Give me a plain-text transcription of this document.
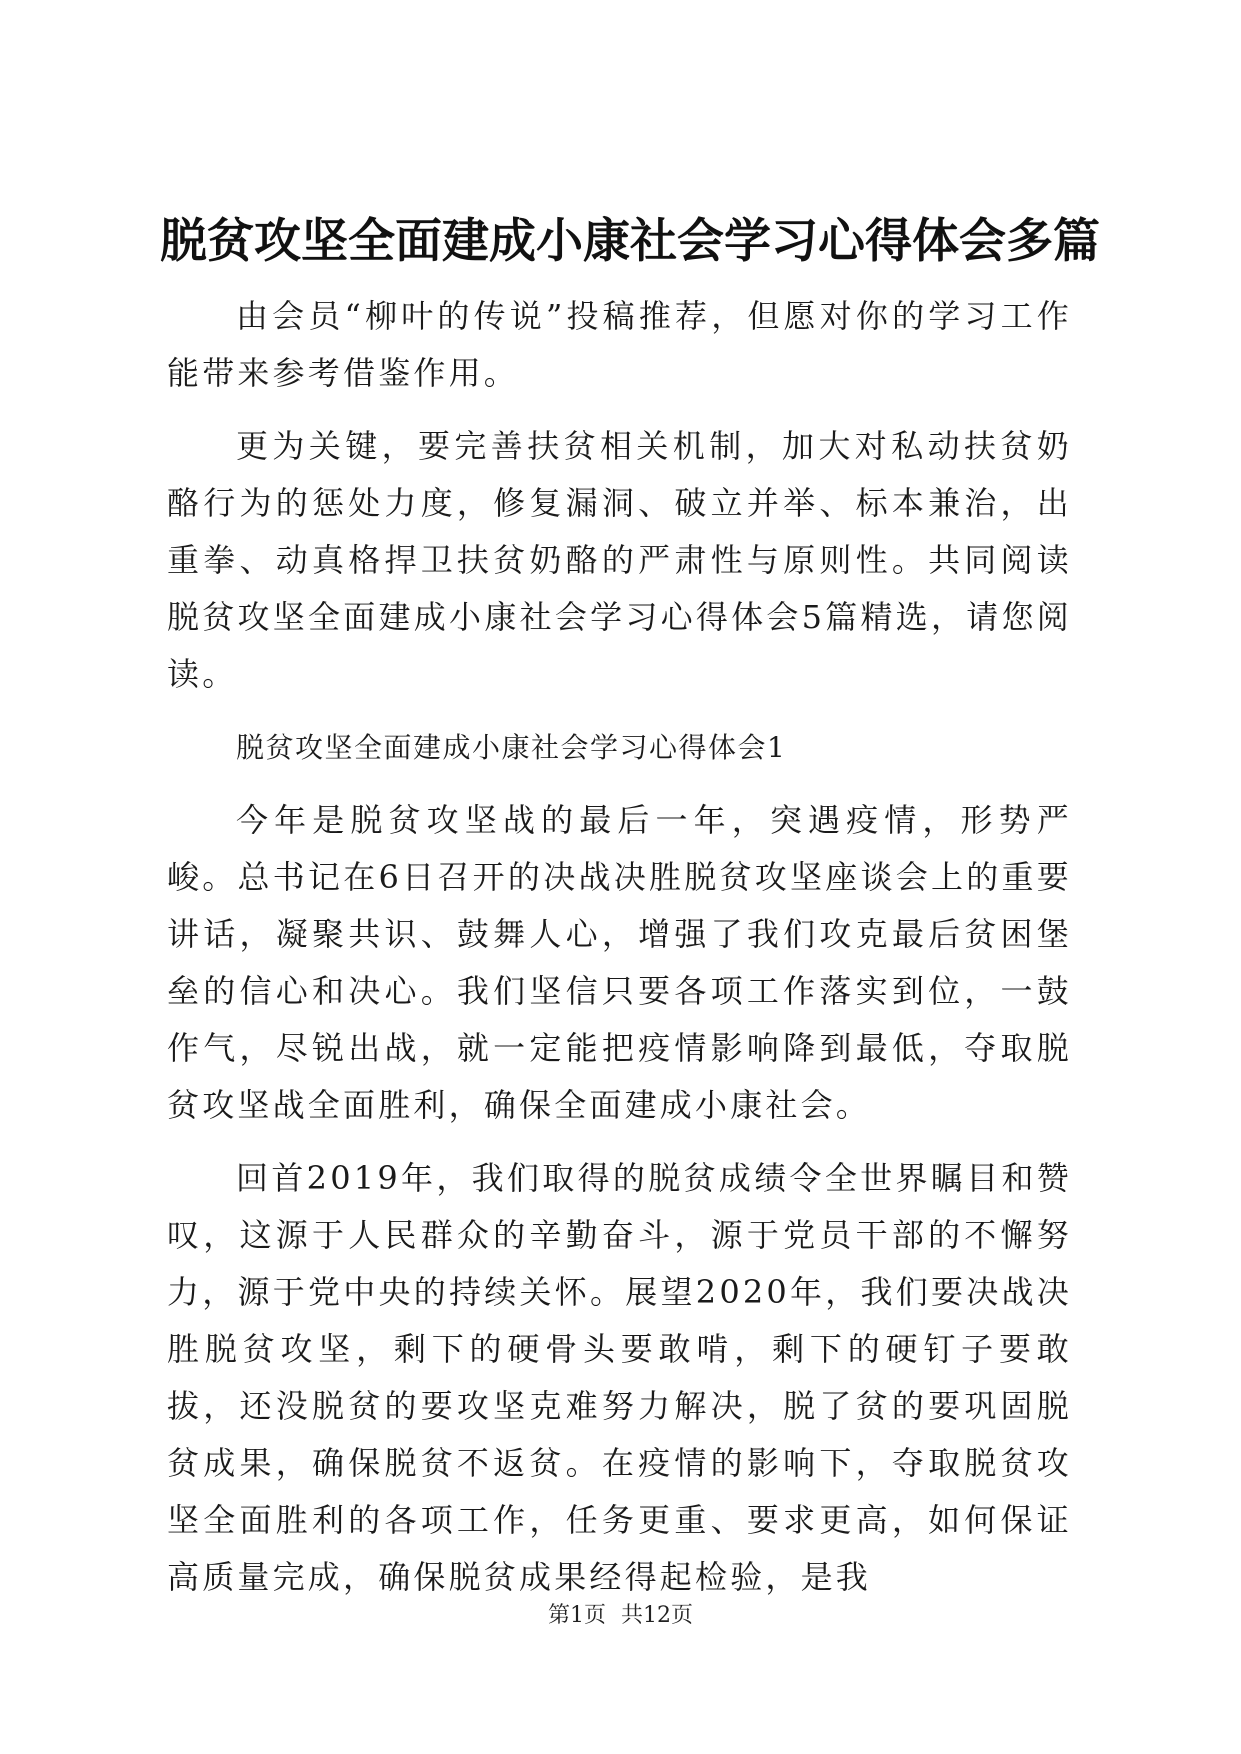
脱贫攻坚全面建成小康社会学习心得体会多篇

由会员“柳叶的传说”投稿推荐，但愿对你的学习工作能带来参考借鉴作用。

更为关键，要完善扶贫相关机制，加大对私动扶贫奶酪行为的惩处力度，修复漏洞、破立并举、标本兼治，出重拳、动真格捍卫扶贫奶酪的严肃性与原则性。共同阅读脱贫攻坚全面建成小康社会学习心得体会5篇精选，请您阅读。

脱贫攻坚全面建成小康社会学习心得体会1

今年是脱贫攻坚战的最后一年，突遇疫情，形势严峻。总书记在6日召开的决战决胜脱贫攻坚座谈会上的重要讲话，凝聚共识、鼓舞人心，增强了我们攻克最后贫困堡垒的信心和决心。我们坚信只要各项工作落实到位，一鼓作气，尽锐出战，就一定能把疫情影响降到最低，夺取脱贫攻坚战全面胜利，确保全面建成小康社会。

回首2019年，我们取得的脱贫成绩令全世界瞩目和赞叹，这源于人民群众的辛勤奋斗，源于党员干部的不懈努力，源于党中央的持续关怀。展望2020年，我们要决战决胜脱贫攻坚，剩下的硬骨头要敢啃，剩下的硬钉子要敢拔，还没脱贫的要攻坚克难努力解决，脱了贫的要巩固脱贫成果，确保脱贫不返贫。在疫情的影响下，夺取脱贫攻坚全面胜利的各项工作，任务更重、要求更高，如何保证高质量完成，确保脱贫成果经得起检验，是我

第1页 共12页
